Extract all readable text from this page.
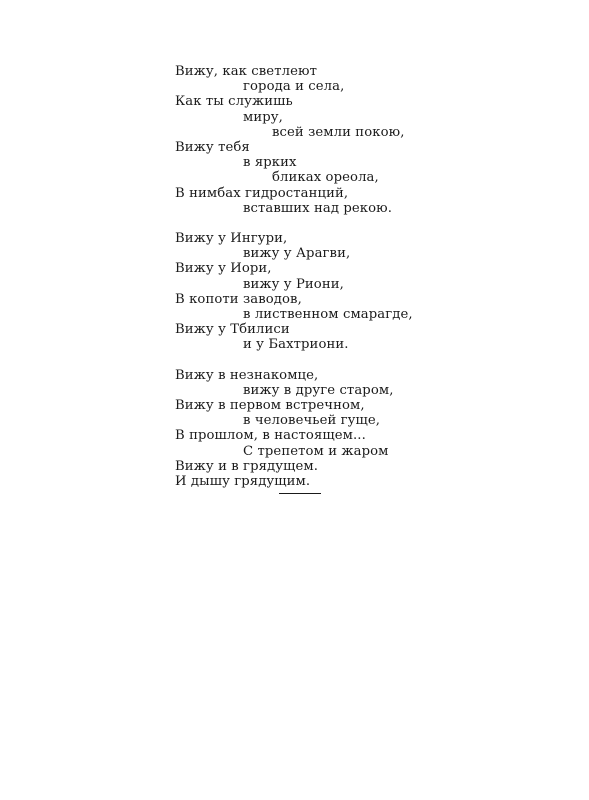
Вижу, как светлеют
города и села,
Как ты служишь
миру,
всей земли покою,
Вижу тебя
в ярких
бликах ореола,
В нимбах гидростанций,
вставших над рекою.
Вижу у Ингури,
вижу у Арагви,
Вижу у Иори,
вижу у Риони,
В копоти заводов,
в лиственном смарагде,
Вижу у Тбилиси
и у Бахтриони.
Вижу в незнакомце,
вижу в друге старом,
Вижу в первом встречном,
в человечьей гуще,
В прошлом, в настоящем...
С трепетом и жаром
Вижу и в грядущем.
И дышу грядущим.
